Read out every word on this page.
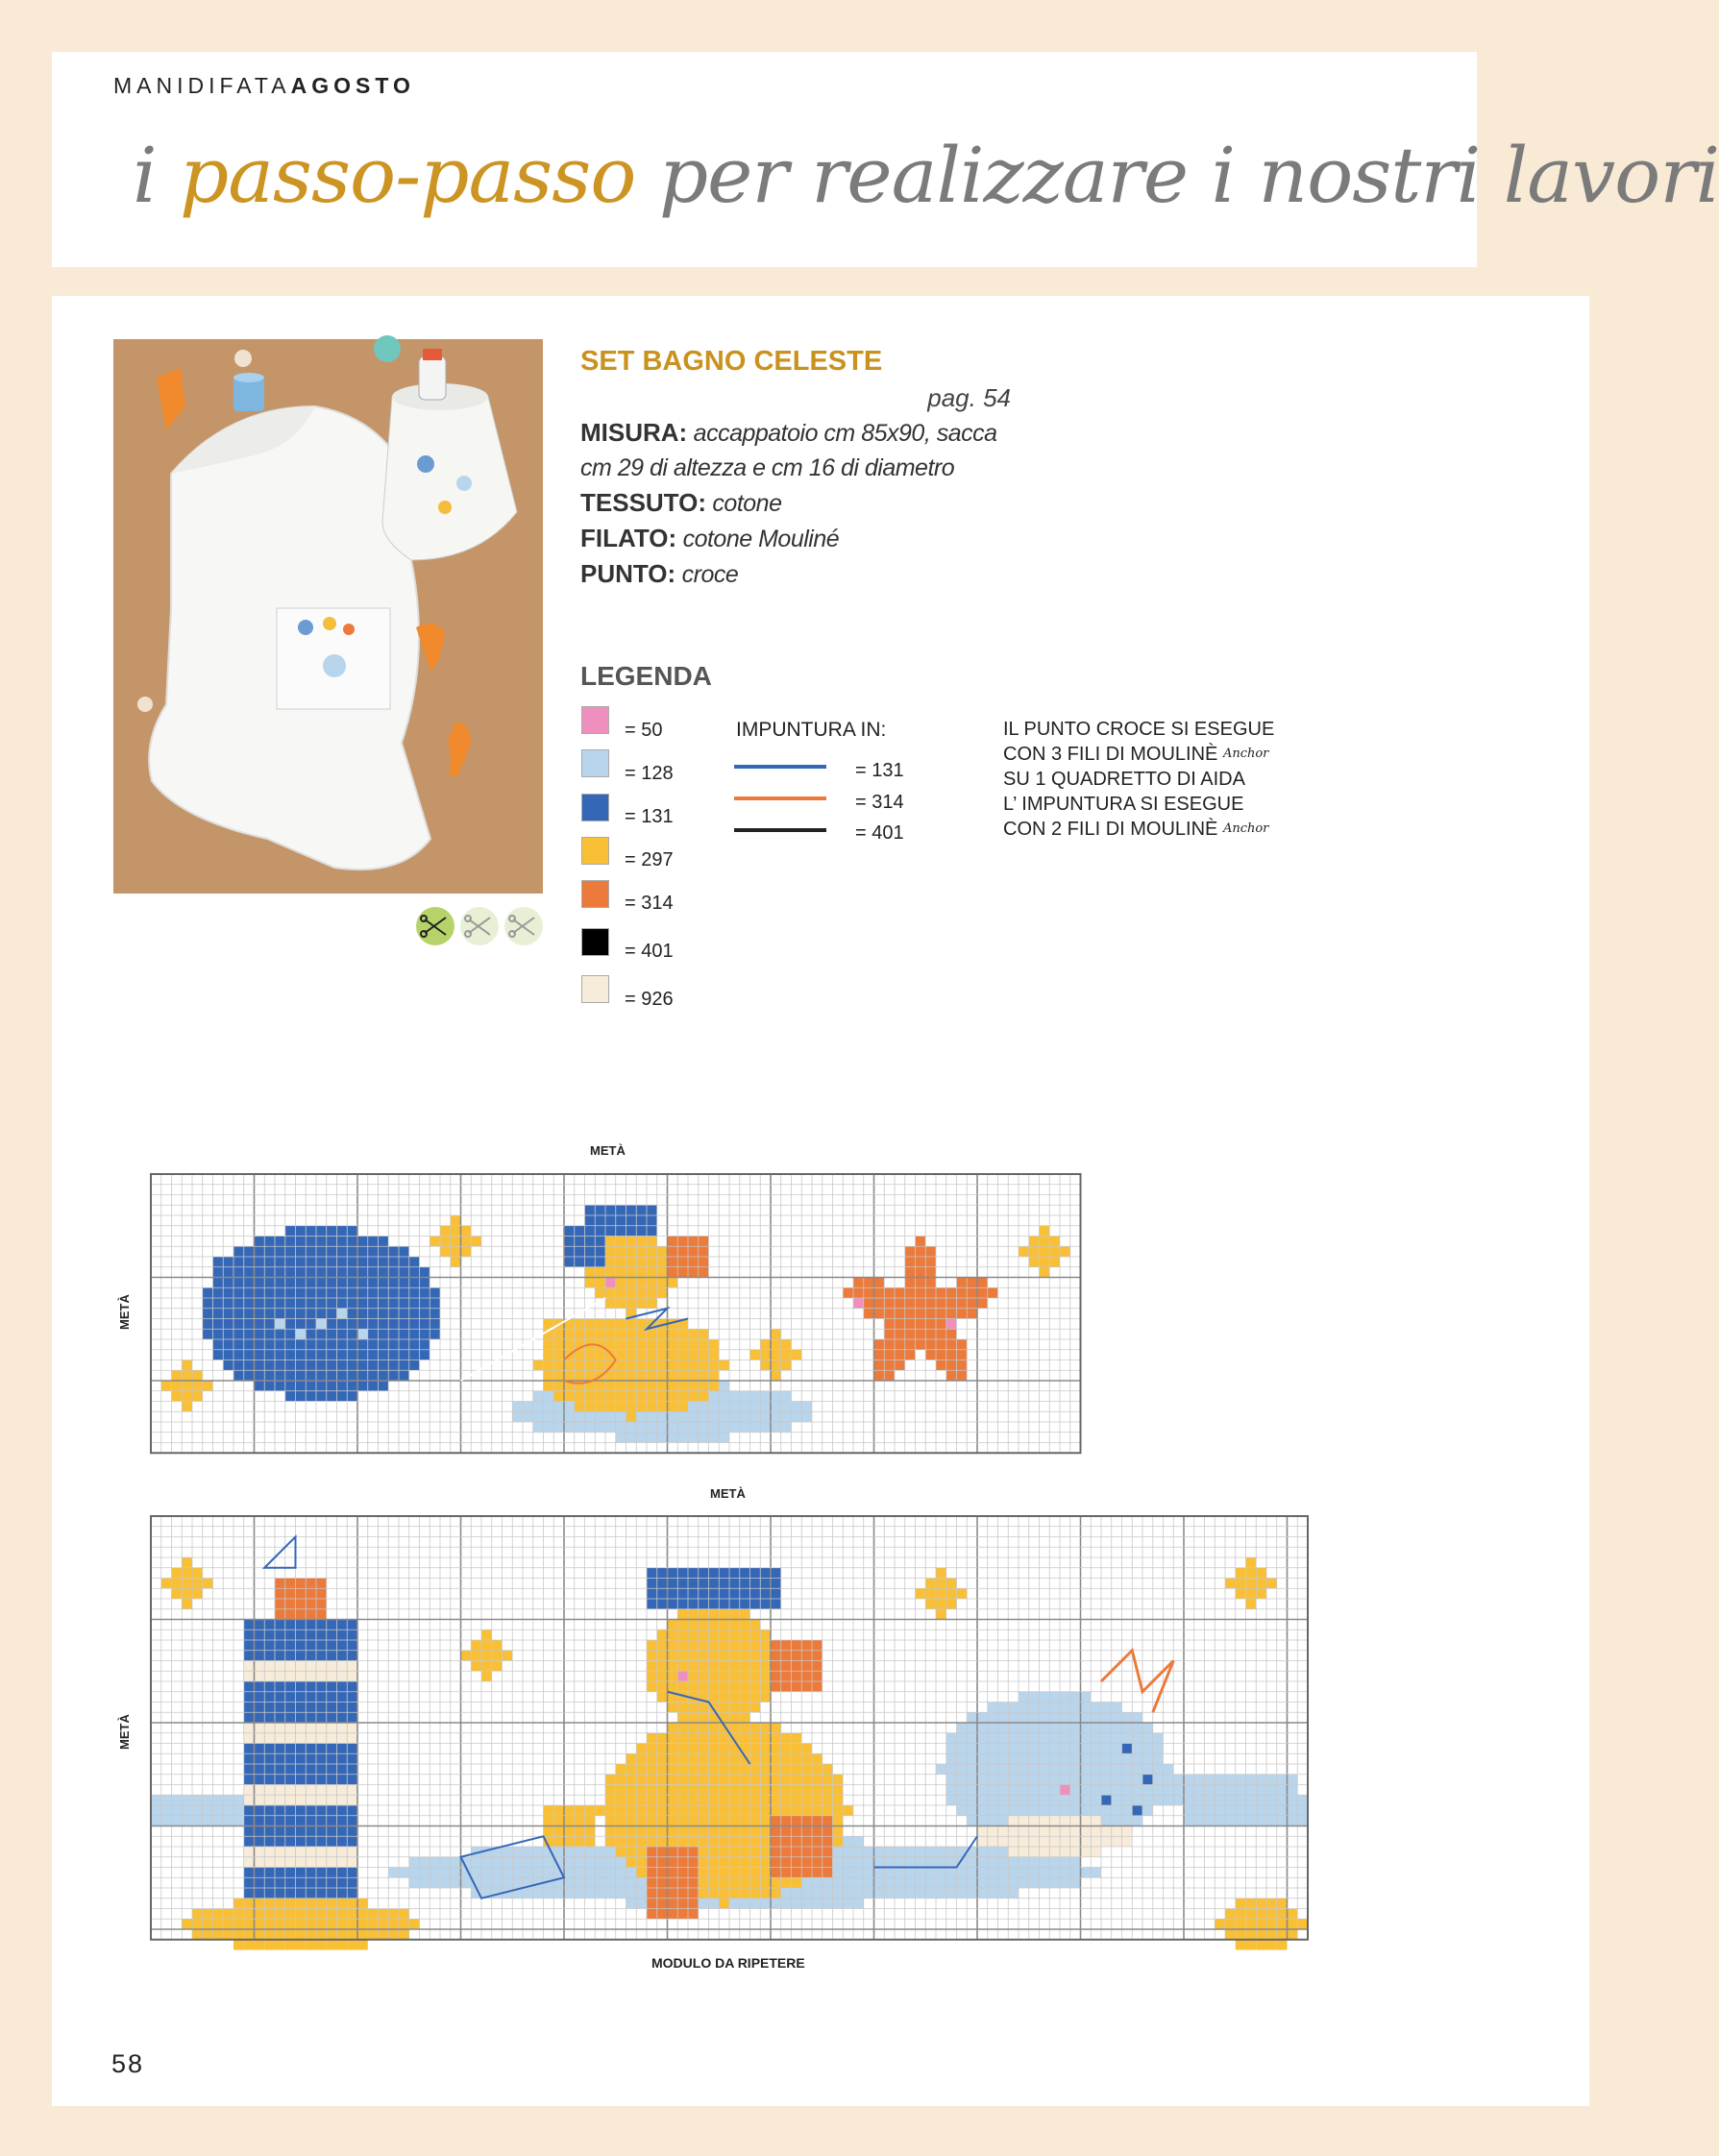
MANIDIFATAAGOSTO
i passo-passo per realizzare i nostri lavori
SET BAGNO CELESTE
pag. 54
MISURA: accappatoio cm 85x90, sacca cm 29 di altezza e cm 16 di diametro
TESSUTO: cotone
FILATO: cotone Mouliné
PUNTO: croce
LEGENDA
= 50
= 128
= 131
= 297
= 314
= 401
= 926
IMPUNTURA IN:
= 131
= 314
= 401
IL PUNTO CROCE SI ESEGUE
CON 3 FILI DI MOULINÈ $^{Anchor}$
SU 1 QUADRETTO DI AIDA
L’ IMPUNTURA SI ESEGUE
CON 2 FILI DI MOULINÈ $^{Anchor}$
METÀ
METÀ
METÀ
METÀ
MODULO DA RIPETERE
58
